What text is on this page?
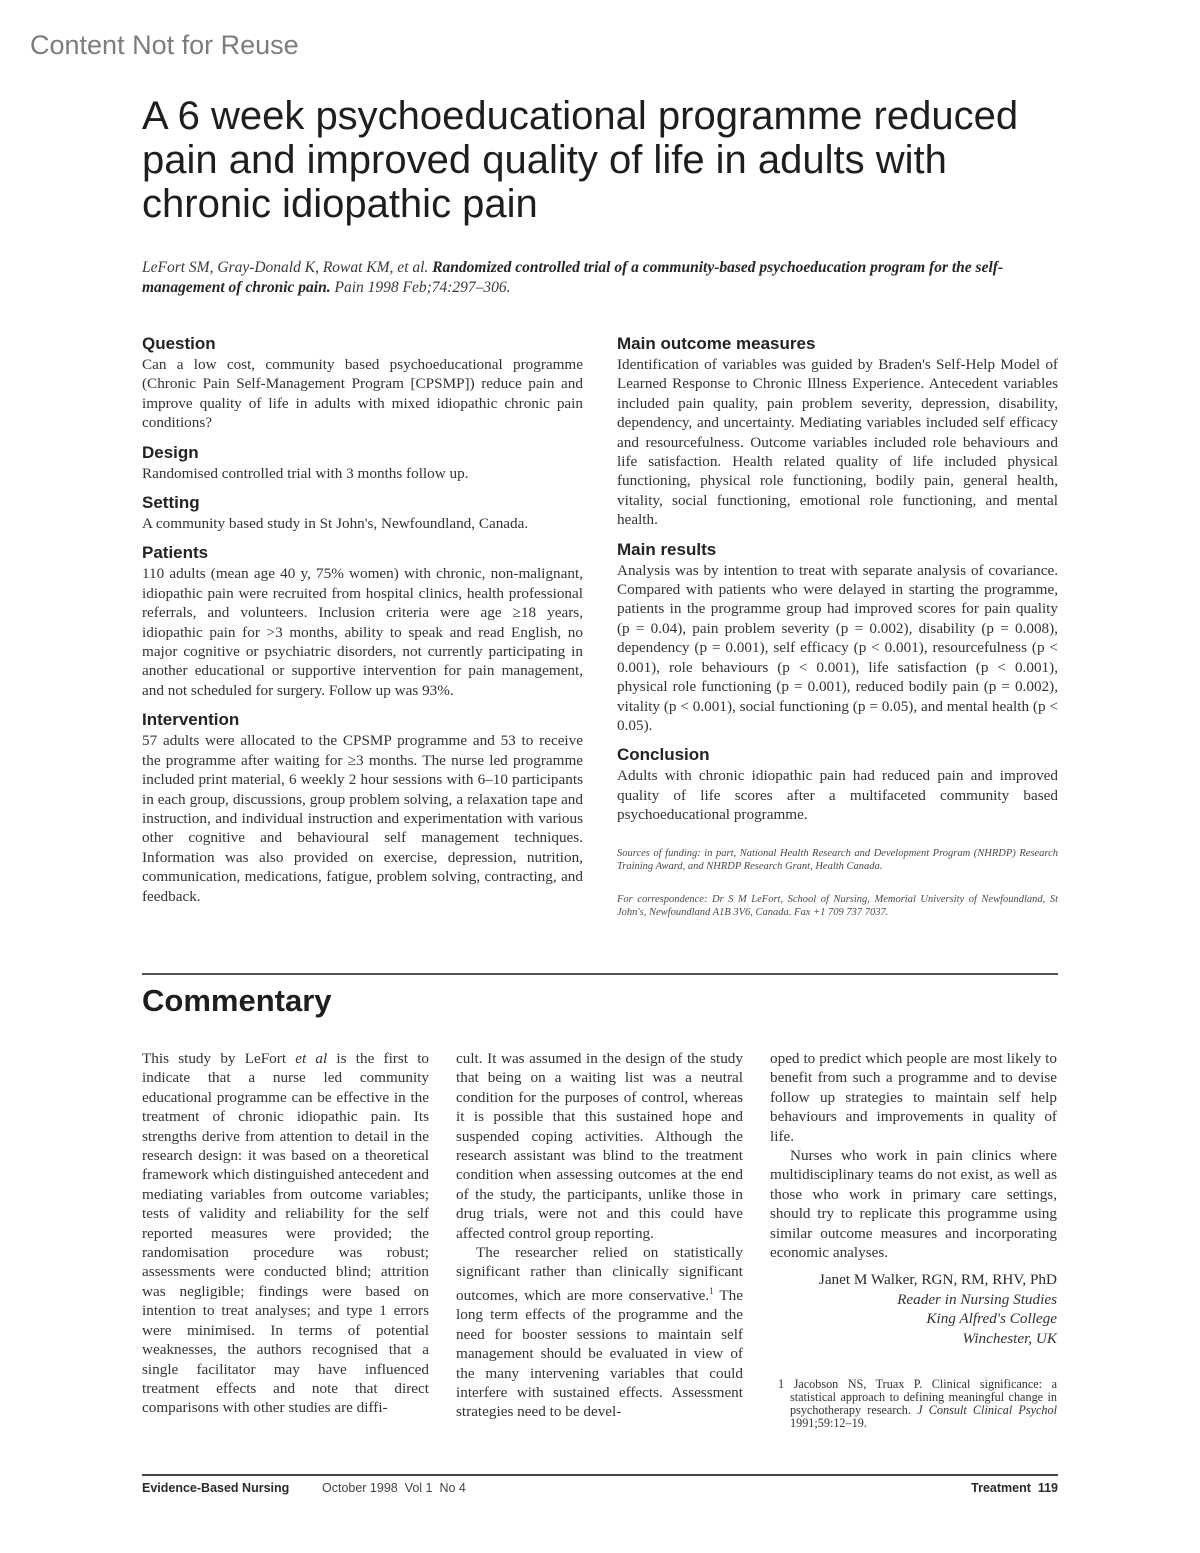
Content Not for Reuse
A 6 week psychoeducational programme reduced pain and improved quality of life in adults with chronic idiopathic pain
LeFort SM, Gray-Donald K, Rowat KM, et al. Randomized controlled trial of a community-based psychoeducation program for the self-management of chronic pain. Pain 1998 Feb;74:297–306.
Question

Can a low cost, community based psychoeducational programme (Chronic Pain Self-Management Program [CPSMP]) reduce pain and improve quality of life in adults with mixed idiopathic chronic pain conditions?

Design

Randomised controlled trial with 3 months follow up.

Setting

A community based study in St John's, Newfoundland, Canada.

Patients

110 adults (mean age 40 y, 75% women) with chronic, non-malignant, idiopathic pain were recruited from hospital clinics, health professional referrals, and volunteers. Inclusion criteria were age ≥18 years, idiopathic pain for >3 months, ability to speak and read English, no major cognitive or psychiatric disorders, not currently participating in another educational or supportive intervention for pain management, and not scheduled for surgery. Follow up was 93%.

Intervention

57 adults were allocated to the CPSMP programme and 53 to receive the programme after waiting for ≥3 months. The nurse led programme included print material, 6 weekly 2 hour sessions with 6–10 participants in each group, discussions, group problem solving, a relaxation tape and instruction, and individual instruction and experimentation with various other cognitive and behavioural self management techniques. Information was also provided on exercise, depression, nutrition, communication, medications, fatigue, problem solving, contracting, and feedback.

Main outcome measures

Identification of variables was guided by Braden's Self-Help Model of Learned Response to Chronic Illness Experience. Antecedent variables included pain quality, pain problem severity, depression, disability, dependency, and uncertainty. Mediating variables included self efficacy and resourcefulness. Outcome variables included role behaviours and life satisfaction. Health related quality of life included physical functioning, physical role functioning, bodily pain, general health, vitality, social functioning, emotional role functioning, and mental health.

Main results

Analysis was by intention to treat with separate analysis of covariance. Compared with patients who were delayed in starting the programme, patients in the programme group had improved scores for pain quality (p = 0.04), pain problem severity (p = 0.002), disability (p = 0.008), dependency (p = 0.001), self efficacy (p < 0.001), resourcefulness (p < 0.001), role behaviours (p < 0.001), life satisfaction (p < 0.001), physical role functioning (p = 0.001), reduced bodily pain (p = 0.002), vitality (p < 0.001), social functioning (p = 0.05), and mental health (p < 0.05).

Conclusion

Adults with chronic idiopathic pain had reduced pain and improved quality of life scores after a multifaceted community based psychoeducational programme.

Sources of funding: in part, National Health Research and Development Program (NHRDP) Research Training Award, and NHRDP Research Grant, Health Canada.
For correspondence: Dr S M LeFort, School of Nursing, Memorial University of Newfoundland, St John's, Newfoundland A1B 3V6, Canada. Fax +1 709 737 7037.
Commentary

This study by LeFort et al is the first to indicate that a nurse led community educational programme can be effective in the treatment of chronic idiopathic pain. Its strengths derive from attention to detail in the research design: it was based on a theoretical framework which distinguished antecedent and mediating variables from outcome variables; tests of validity and reliability for the self reported measures were provided; the randomisation procedure was robust; assessments were conducted blind; attrition was negligible; findings were based on intention to treat analyses; and type 1 errors were minimised. In terms of potential weaknesses, the authors recognised that a single facilitator may have influenced treatment effects and note that direct comparisons with other studies are diffi-

cult. It was assumed in the design of the study that being on a waiting list was a neutral condition for the purposes of control, whereas it is possible that this sustained hope and suspended coping activities. Although the research assistant was blind to the treatment condition when assessing outcomes at the end of the study, the participants, unlike those in drug trials, were not and this could have affected control group reporting.

The researcher relied on statistically significant rather than clinically significant outcomes, which are more conservative.$^1$ The long term effects of the programme and the need for booster sessions to maintain self management should be evaluated in view of the many intervening variables that could interfere with sustained effects. Assessment strategies need to be devel-

oped to predict which people are most likely to benefit from such a programme and to devise follow up strategies to maintain self help behaviours and improvements in quality of life.

Nurses who work in pain clinics where multidisciplinary teams do not exist, as well as those who work in primary care settings, should try to replicate this programme using similar outcome measures and incorporating economic analyses.

Janet M Walker, RGN, RM, RHV, PhD
Reader in Nursing Studies
King Alfred's College
Winchester, UK
1 Jacobson NS, Truax P. Clinical significance: a statistical approach to defining meaningful change in psychotherapy research. J Consult Clinical Psychol 1991;59:12–19.
Evidence-Based Nursing	October 1998  Vol 1  No 4	Treatment  119
